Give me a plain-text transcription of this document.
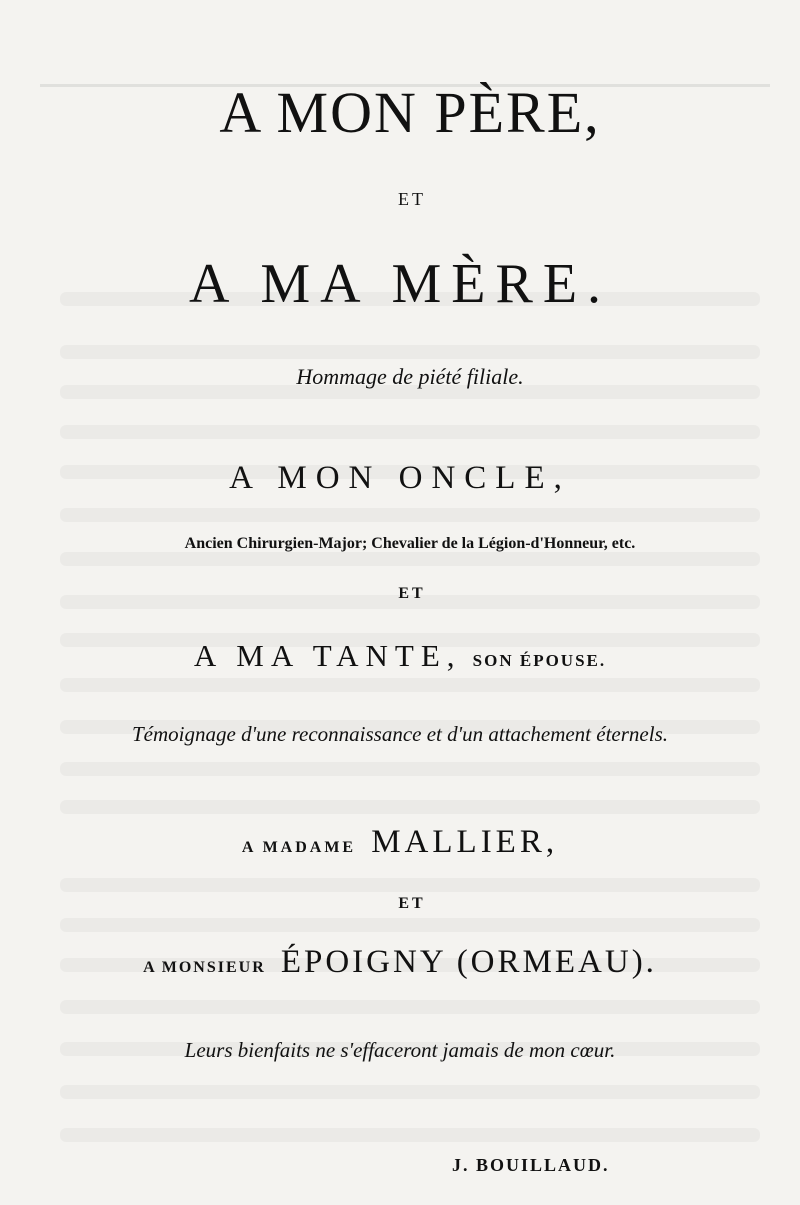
A MON PÈRE,
ET
A MA MÈRE.
Hommage de piété filiale.
A MON ONCLE,
Ancien Chirurgien-Major; Chevalier de la Légion-d'Honneur, etc.
ET
A MA TANTE, SON ÉPOUSE.
Témoignage d'une reconnaissance et d'un attachement éternels.
A MADAME MALLIER,
ET
A MONSIEUR ÉPOIGNY (ORMEAU).
Leurs bienfaits ne s'effaceront jamais de mon cœur.
J. BOUILLAUD.
